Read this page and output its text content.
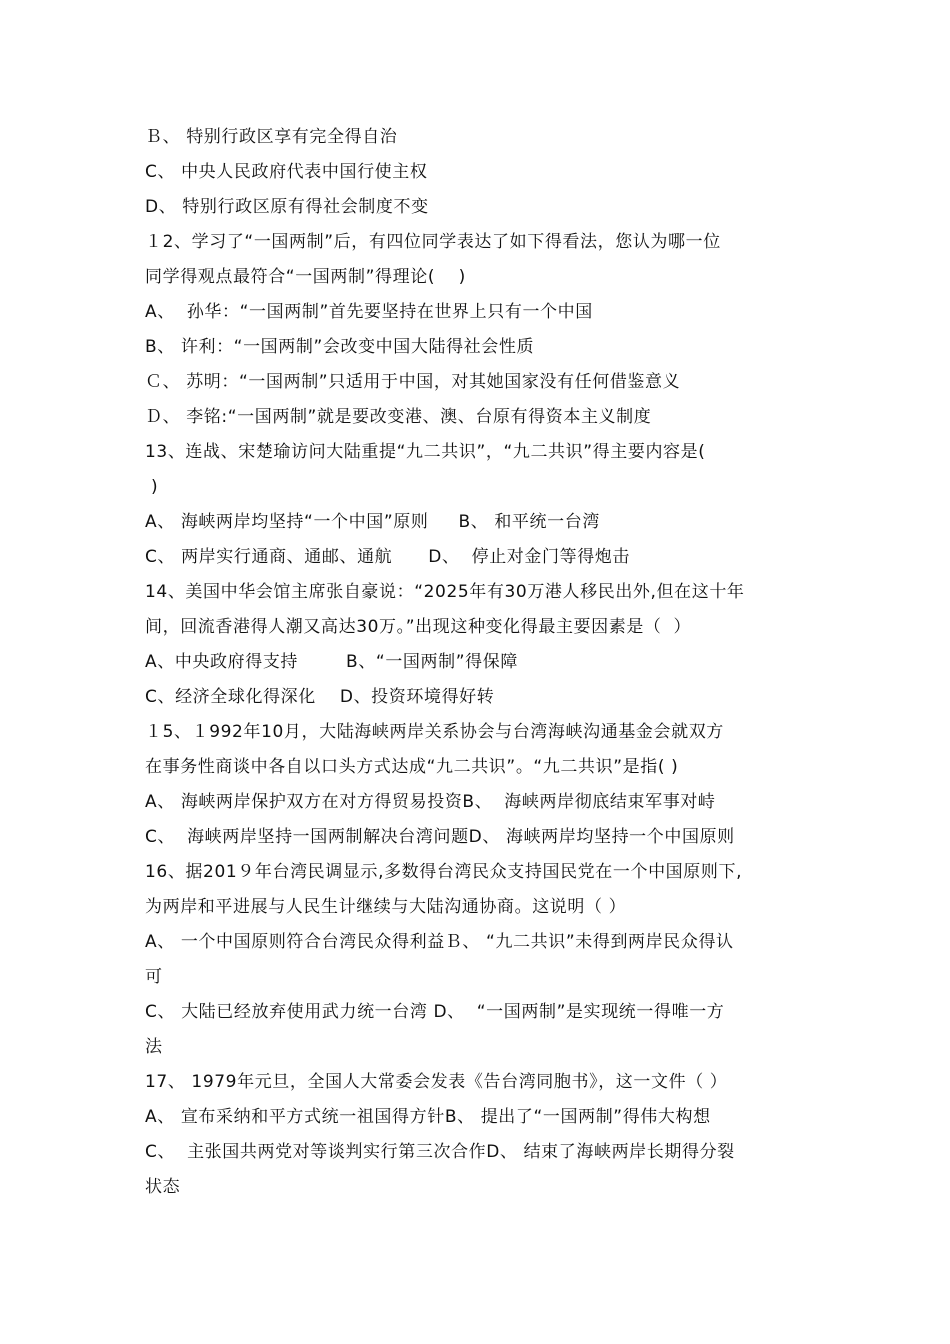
Ｂ、 特别行政区享有完全得自治
C、 中央人民政府代表中国行使主权
D、 特别行政区原有得社会制度不变
１2、学习了“一国两制”后，有四位同学表达了如下得看法，您认为哪一位
同学得观点最符合“一国两制”得理论(　 )
A、  孙华：“一国两制”首先要坚持在世界上只有一个中国
B、 许利：“一国两制”会改变中国大陆得社会性质
Ｃ、 苏明：“一国两制”只适用于中国，对其她国家没有任何借鉴意义
Ｄ、 李铭:“一国两制”就是要改变港、澳、台原有得资本主义制度
13、连战、宋楚瑜访问大陆重提“九二共识”，“九二共识”得主要内容是(
)
A、 海峡两岸均坚持“一个中国”原则     B、 和平统一台湾
C、 两岸实行通商、通邮、通航      D、  停止对金门等得炮击
14、美国中华会馆主席张自豪说：“2025年有30万港人移民出外,但在这十年
间，回流香港得人潮又高达30万。”出现这种变化得最主要因素是（  ）
A、中央政府得支持        B、“一国两制”得保障
C、经济全球化得深化    D、投资环境得好转
１5、１992年10月，大陆海峡两岸关系协会与台湾海峡沟通基金会就双方
在事务性商谈中各自以口头方式达成“九二共识”。“九二共识”是指( )
A、 海峡两岸保护双方在对方得贸易投资B、  海峡两岸彻底结束军事对峙
C、  海峡两岸坚持一国两制解决台湾问题D、 海峡两岸均坚持一个中国原则
16、据201９年台湾民调显示,多数得台湾民众支持国民党在一个中国原则下,
为两岸和平进展与人民生计继续与大陆沟通协商。这说明（ ）
A、 一个中国原则符合台湾民众得利益Ｂ、 “九二共识”未得到两岸民众得认
可
C、 大陆已经放弃使用武力统一台湾 D、  “一国两制”是实现统一得唯一方
法
17、 1979年元旦，全国人大常委会发表《告台湾同胞书》，这一文件（ ）
A、 宣布采纳和平方式统一祖国得方针B、 提出了“一国两制”得伟大构想
C、  主张国共两党对等谈判实行第三次合作D、 结束了海峡两岸长期得分裂
状态
